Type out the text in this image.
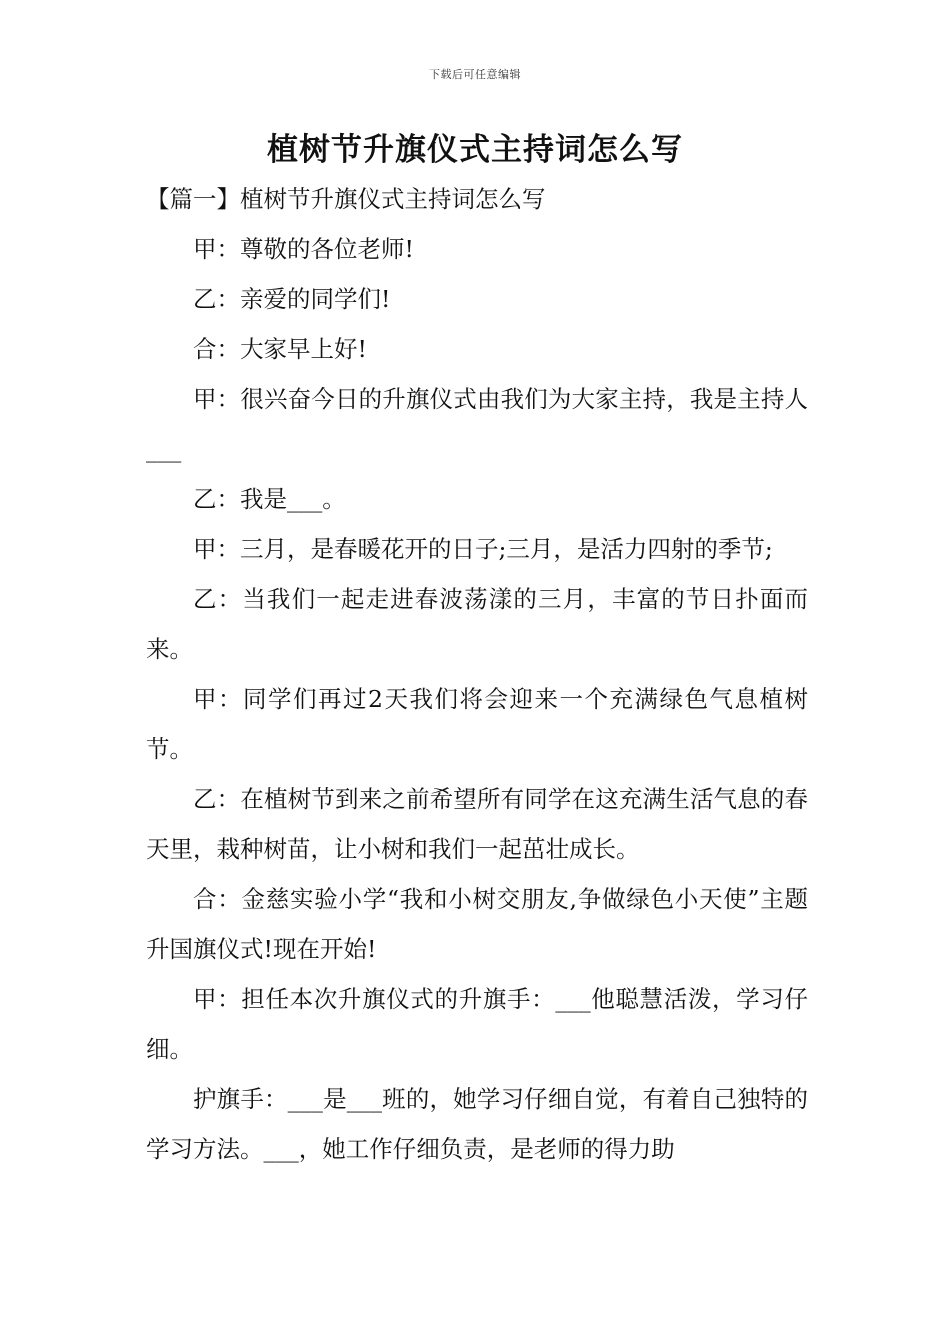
下载后可任意编辑
植树节升旗仪式主持词怎么写

【篇一】植树节升旗仪式主持词怎么写

甲：尊敬的各位老师!

乙：亲爱的同学们!

合：大家早上好!

甲：很兴奋今日的升旗仪式由我们为大家主持，我是主持人___

乙：我是___。

甲：三月，是春暖花开的日子;三月，是活力四射的季节;

乙：当我们一起走进春波荡漾的三月，丰富的节日扑面而来。

甲：同学们再过2天我们将会迎来一个充满绿色气息植树节。

乙：在植树节到来之前希望所有同学在这充满生活气息的春天里，栽种树苗，让小树和我们一起茁壮成长。

合：金慈实验小学“我和小树交朋友,争做绿色小天使”主题升国旗仪式!现在开始!

甲：担任本次升旗仪式的升旗手：___他聪慧活泼，学习仔细。

护旗手：___是___班的，她学习仔细自觉，有着自己独特的学习方法。___，她工作仔细负责，是老师的得力助
